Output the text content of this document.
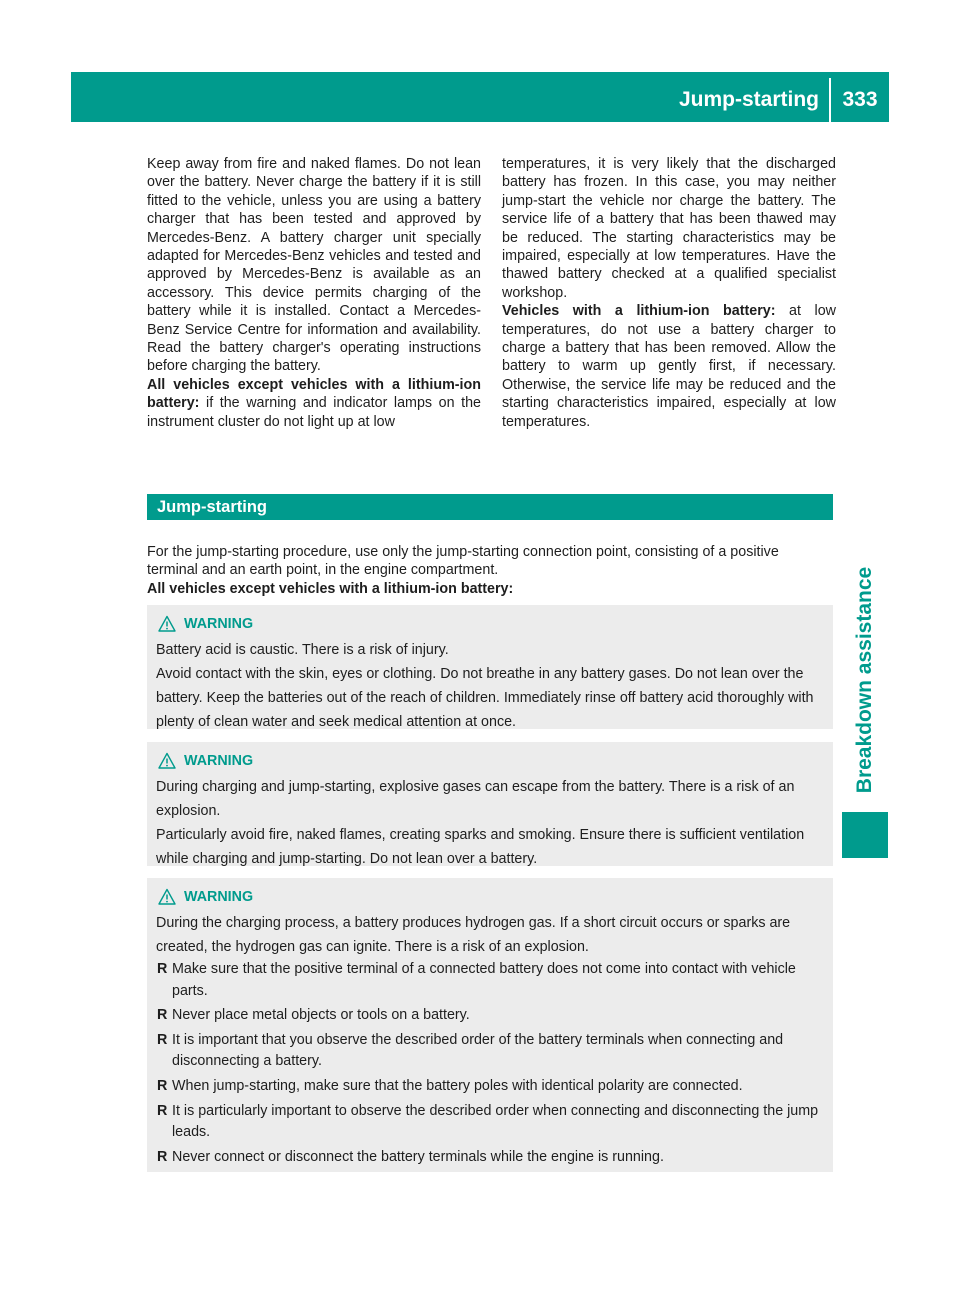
Jump-starting	333
Breakdown assistance

Keep away from fire and naked flames. Do not lean over the battery. Never charge the battery if it is still fitted to the vehicle, unless you are using a battery charger that has been tested and approved by Mercedes-Benz. A battery charger unit specially adapted for Mercedes-Benz vehicles and tested and approved by Mercedes-Benz is available as an accessory. This device permits charging of the battery while it is installed. Contact a Mercedes-Benz Service Centre for information and availability. Read the battery charger's operating instructions before charging the battery.

All vehicles except vehicles with a lithium-ion battery: if the warning and indicator lamps on the instrument cluster do not light up at low

temperatures, it is very likely that the discharged battery has frozen. In this case, you may neither jump-start the vehicle nor charge the battery. The service life of a battery that has been thawed may be reduced. The starting characteristics may be impaired, especially at low temperatures. Have the thawed battery checked at a qualified specialist workshop.

Vehicles with a lithium-ion battery: at low temperatures, do not use a battery charger to charge a battery that has been removed. Allow the battery to warm up gently first, if necessary. Otherwise, the service life may be reduced and the starting characteristics impaired, especially at low temperatures.

Jump-starting

For the jump-starting procedure, use only the jump-starting connection point, consisting of a positive terminal and an earth point, in the engine compartment.

All vehicles except vehicles with a lithium-ion battery:

WARNING

Battery acid is caustic. There is a risk of injury.

Avoid contact with the skin, eyes or clothing. Do not breathe in any battery gases. Do not lean over the battery. Keep the batteries out of the reach of children. Immediately rinse off battery acid thoroughly with plenty of clean water and seek medical attention at once.

WARNING

During charging and jump-starting, explosive gases can escape from the battery. There is a risk of an explosion.

Particularly avoid fire, naked flames, creating sparks and smoking. Ensure there is sufficient ventilation while charging and jump-starting. Do not lean over a battery.

WARNING

During the charging process, a battery produces hydrogen gas. If a short circuit occurs or sparks are created, the hydrogen gas can ignite. There is a risk of an explosion.

R Make sure that the positive terminal of a connected battery does not come into contact with vehicle parts.
R Never place metal objects or tools on a battery.
R It is important that you observe the described order of the battery terminals when connecting and disconnecting a battery.
R When jump-starting, make sure that the battery poles with identical polarity are connected.
R It is particularly important to observe the described order when connecting and disconnecting the jump leads.
R Never connect or disconnect the battery terminals while the engine is running.
